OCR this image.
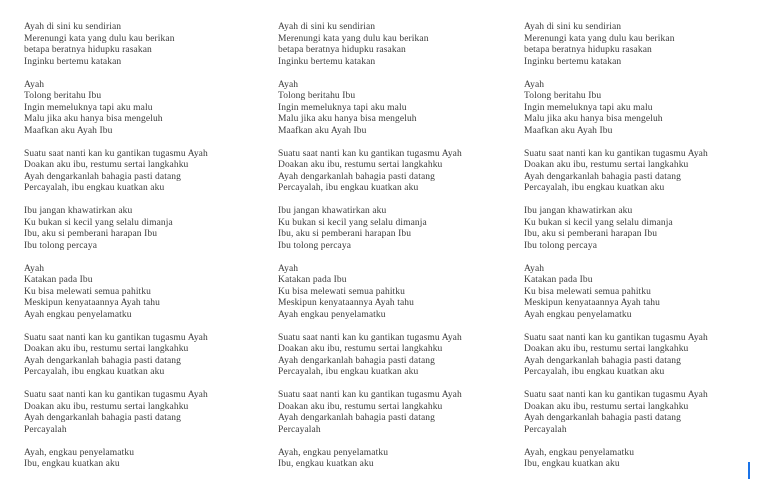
Ayah di sini ku sendirian
Merenungi kata yang dulu kau berikan
betapa beratnya hidupku rasakan
Inginku bertemu katakan

Ayah
Tolong beritahu Ibu
Ingin memeluknya tapi aku malu
Malu jika aku hanya bisa mengeluh
Maafkan aku Ayah Ibu

Suatu saat nanti kan ku gantikan tugasmu Ayah
Doakan aku ibu, restumu sertai langkahku
Ayah dengarkanlah bahagia pasti datang
Percayalah, ibu engkau kuatkan aku

Ibu jangan khawatirkan aku
Ku bukan si kecil yang selalu dimanja
Ibu, aku si pemberani harapan Ibu
Ibu tolong percaya

Ayah
Katakan pada Ibu
Ku bisa melewati semua pahitku
Meskipun kenyataannya Ayah tahu
Ayah engkau penyelamatku

Suatu saat nanti kan ku gantikan tugasmu Ayah
Doakan aku ibu, restumu sertai langkahku
Ayah dengarkanlah bahagia pasti datang
Percayalah, ibu engkau kuatkan aku

Suatu saat nanti kan ku gantikan tugasmu Ayah
Doakan aku ibu, restumu sertai langkahku
Ayah dengarkanlah bahagia pasti datang
Percayalah

Ayah, engkau penyelamatku
Ibu, engkau kuatkan aku

Ayah di sini ku sendirian
Merenungi kata yang dulu kau berikan
betapa beratnya hidupku rasakan
Inginku bertemu katakan

Ayah
Tolong beritahu Ibu
Ingin memeluknya tapi aku malu
Malu jika aku hanya bisa mengeluh
Maafkan aku Ayah Ibu

Suatu saat nanti kan ku gantikan tugasmu Ayah
Doakan aku ibu, restumu sertai langkahku
Ayah dengarkanlah bahagia pasti datang
Percayalah, ibu engkau kuatkan aku

Ibu jangan khawatirkan aku
Ku bukan si kecil yang selalu dimanja
Ibu, aku si pemberani harapan Ibu
Ibu tolong percaya

Ayah
Katakan pada Ibu
Ku bisa melewati semua pahitku
Meskipun kenyataannya Ayah tahu
Ayah engkau penyelamatku

Suatu saat nanti kan ku gantikan tugasmu Ayah
Doakan aku ibu, restumu sertai langkahku
Ayah dengarkanlah bahagia pasti datang
Percayalah, ibu engkau kuatkan aku

Suatu saat nanti kan ku gantikan tugasmu Ayah
Doakan aku ibu, restumu sertai langkahku
Ayah dengarkanlah bahagia pasti datang
Percayalah

Ayah, engkau penyelamatku
Ibu, engkau kuatkan aku

Ayah di sini ku sendirian
Merenungi kata yang dulu kau berikan
betapa beratnya hidupku rasakan
Inginku bertemu katakan

Ayah
Tolong beritahu Ibu
Ingin memeluknya tapi aku malu
Malu jika aku hanya bisa mengeluh
Maafkan aku Ayah Ibu

Suatu saat nanti kan ku gantikan tugasmu Ayah
Doakan aku ibu, restumu sertai langkahku
Ayah dengarkanlah bahagia pasti datang
Percayalah, ibu engkau kuatkan aku

Ibu jangan khawatirkan aku
Ku bukan si kecil yang selalu dimanja
Ibu, aku si pemberani harapan Ibu
Ibu tolong percaya

Ayah
Katakan pada Ibu
Ku bisa melewati semua pahitku
Meskipun kenyataannya Ayah tahu
Ayah engkau penyelamatku

Suatu saat nanti kan ku gantikan tugasmu Ayah
Doakan aku ibu, restumu sertai langkahku
Ayah dengarkanlah bahagia pasti datang
Percayalah, ibu engkau kuatkan aku

Suatu saat nanti kan ku gantikan tugasmu Ayah
Doakan aku ibu, restumu sertai langkahku
Ayah dengarkanlah bahagia pasti datang
Percayalah

Ayah, engkau penyelamatku
Ibu, engkau kuatkan aku
